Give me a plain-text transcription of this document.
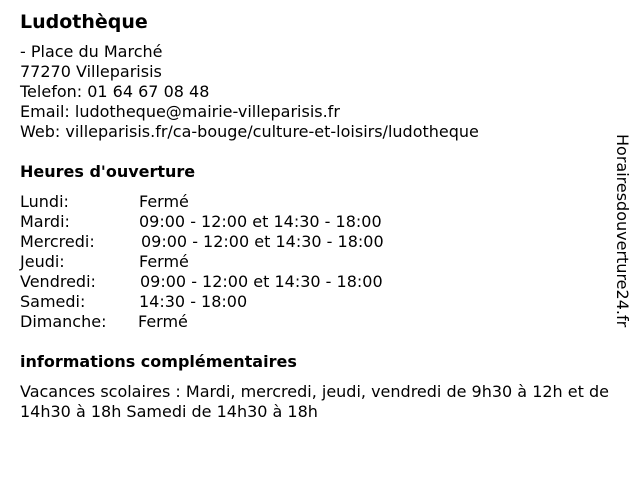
Ludothèque
- Place du Marché
77270 Villeparisis
Telefon: 01 64 67 08 48
Email: ludotheque@mairie-villeparisis.fr
Web: villeparisis.fr/ca-bouge/culture-et-loisirs/ludotheque
Heures d'ouverture
Lundi:	Fermé
Mardi:	09:00 - 12:00 et 14:30 - 18:00
Mercredi:	09:00 - 12:00 et 14:30 - 18:00
Jeudi:	Fermé
Vendredi:	09:00 - 12:00 et 14:30 - 18:00
Samedi:	14:30 - 18:00
Dimanche:	Fermé
informations complémentaires
Vacances scolaires : Mardi, mercredi, jeudi, vendredi de 9h30 à 12h et de 14h30 à 18h Samedi de 14h30 à 18h
Horairesdouverture24.fr
